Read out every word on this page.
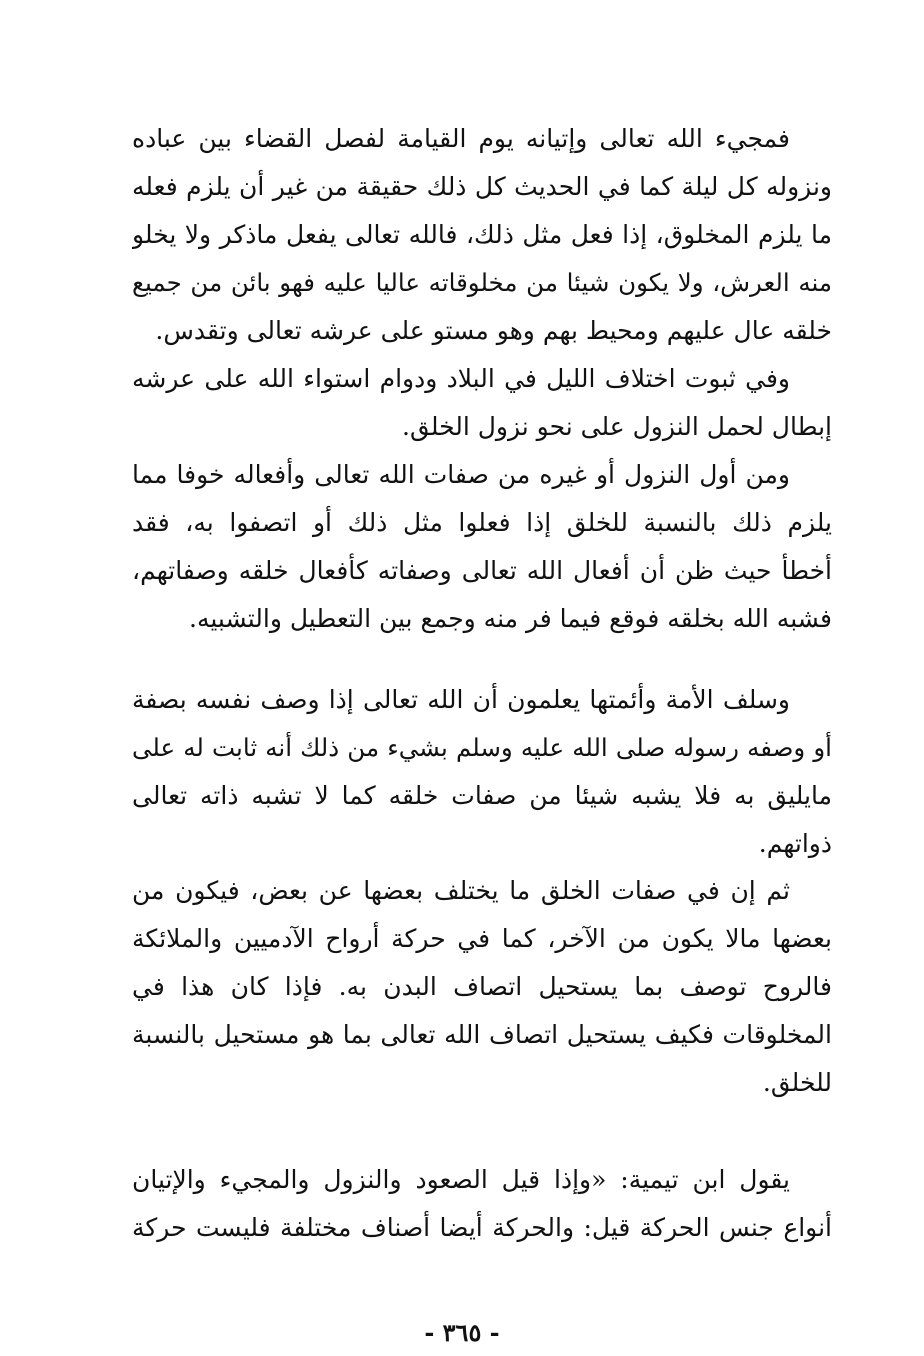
فمجيء الله تعالى وإتيانه يوم القيامة لفصل القضاء بين عباده
ونزوله كل ليلة كما في الحديث كل ذلك حقيقة من غير أن يلزم فعله
ما يلزم المخلوق، إذا فعل مثل ذلك، فالله تعالى يفعل ماذكر ولا يخلو
منه العرش، ولا يكون شيئا من مخلوقاته عاليا عليه فهو بائن من جميع
خلقه عال عليهم ومحيط بهم وهو مستو على عرشه تعالى وتقدس.
وفي ثبوت اختلاف الليل في البلاد ودوام استواء الله على عرشه
إبطال لحمل النزول على نحو نزول الخلق.
ومن أول النزول أو غيره من صفات الله تعالى وأفعاله خوفا مما
يلزم ذلك بالنسبة للخلق إذا فعلوا مثل ذلك أو اتصفوا به، فقد
أخطأ حيث ظن أن أفعال الله تعالى وصفاته كأفعال خلقه وصفاتهم،
فشبه الله بخلقه فوقع فيما فر منه وجمع بين التعطيل والتشبيه.
وسلف الأمة وأئمتها يعلمون أن الله تعالى إذا وصف نفسه بصفة
أو وصفه رسوله صلى الله عليه وسلم بشيء من ذلك أنه ثابت له على
مايليق به فلا يشبه شيئا من صفات خلقه كما لا تشبه ذاته تعالى
ذواتهم.
ثم إن في صفات الخلق ما يختلف بعضها عن بعض، فيكون من
بعضها مالا يكون من الآخر، كما في حركة أرواح الآدميين والملائكة
فالروح توصف بما يستحيل اتصاف البدن به. فإذا كان هذا في
المخلوقات فكيف يستحيل اتصاف الله تعالى بما هو مستحيل بالنسبة
للخلق.
يقول ابن تيمية: «وإذا قيل الصعود والنزول والمجيء والإتيان
أنواع جنس الحركة قيل: والحركة أيضا أصناف مختلفة فليست حركة
- ٣٦٥ -
